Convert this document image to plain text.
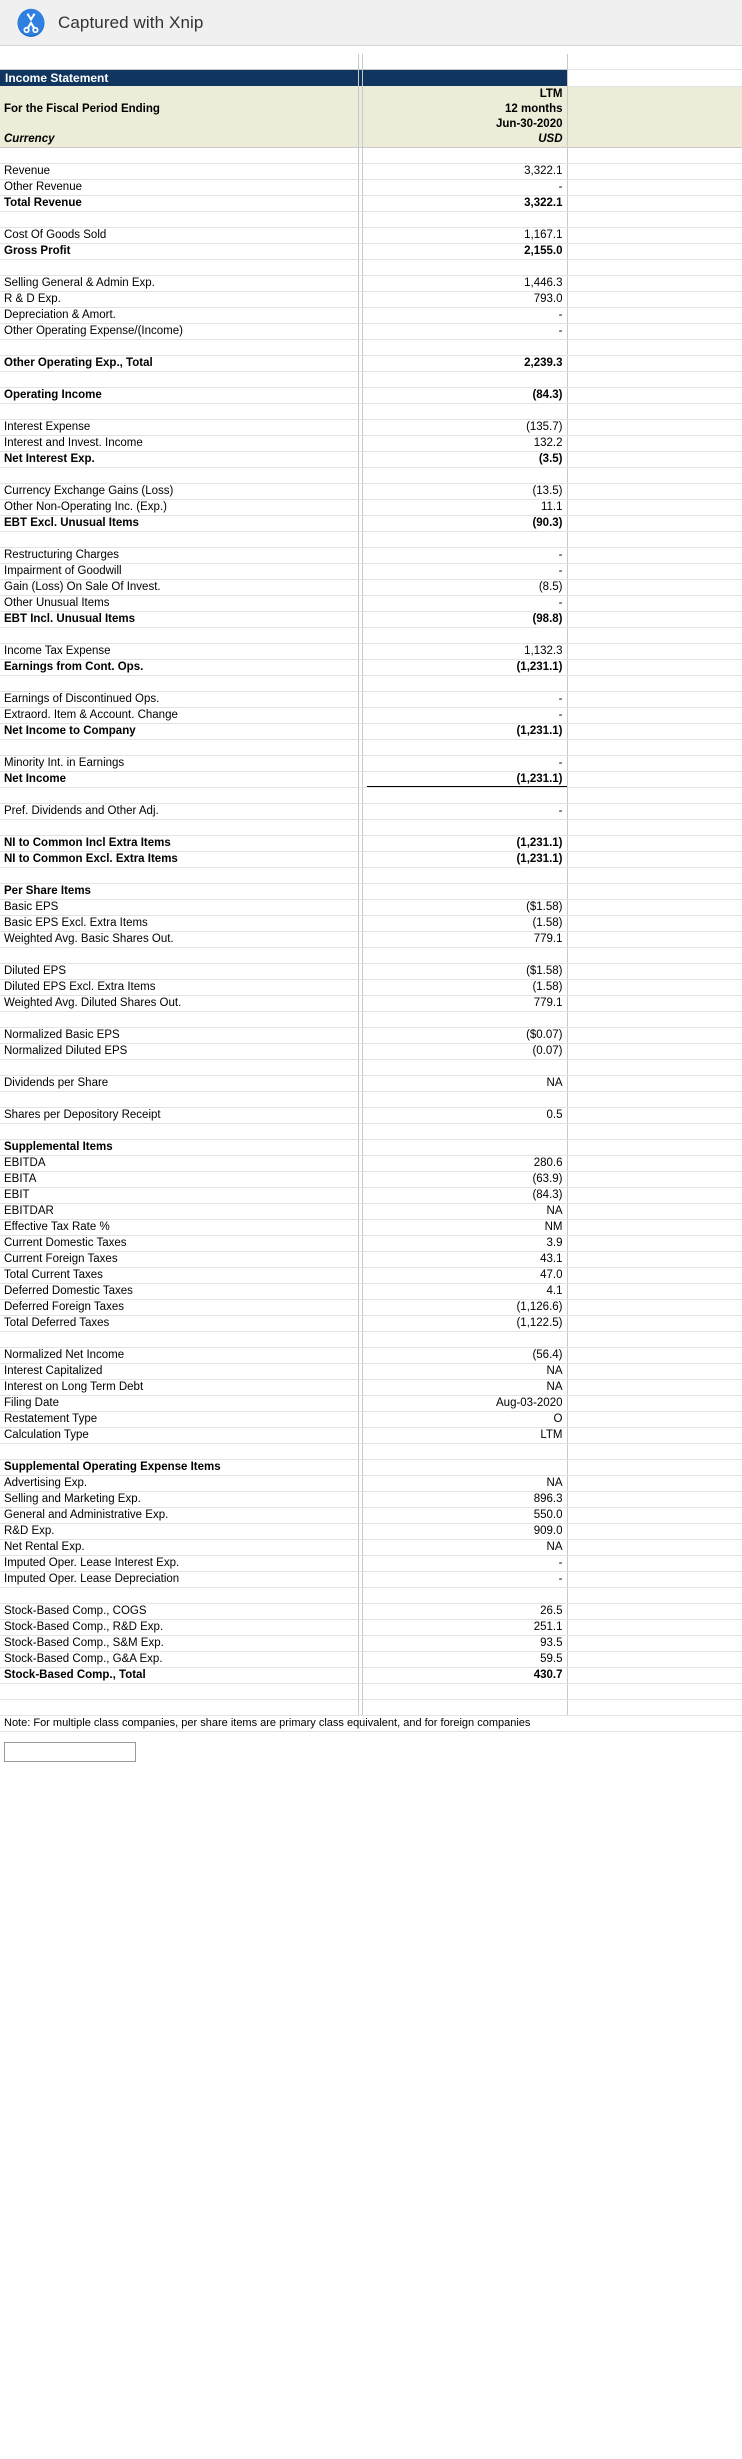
Captured with Xnip

Income Statement			
		LTM	
For the Fiscal Period Ending		12 months	
		Jun-30-2020	
Currency		USD	

Revenue		3,322.1	
Other Revenue		-	
Total Revenue		3,322.1	

Cost Of Goods Sold		1,167.1	
Gross Profit		2,155.0	

Selling General & Admin Exp.		1,446.3	
R & D Exp.		793.0	
Depreciation & Amort.		-	
Other Operating Expense/(Income)		-	

Other Operating Exp., Total		2,239.3	

Operating Income		(84.3)	

Interest Expense		(135.7)	
Interest and Invest. Income		132.2	
Net Interest Exp.		(3.5)	

Currency Exchange Gains (Loss)		(13.5)	
Other Non-Operating Inc. (Exp.)		11.1	
EBT Excl. Unusual Items		(90.3)	

Restructuring Charges		-	
Impairment of Goodwill		-	
Gain (Loss) On Sale Of Invest.		(8.5)	
Other Unusual Items		-	
EBT Incl. Unusual Items		(98.8)	

Income Tax Expense		1,132.3	
Earnings from Cont. Ops.		(1,231.1)	

Earnings of Discontinued Ops.		-	
Extraord. Item & Account. Change		-	
Net Income to Company		(1,231.1)	

Minority Int. in Earnings		-	
Net Income		(1,231.1)	

Pref. Dividends and Other Adj.		-	

NI to Common Incl Extra Items		(1,231.1)	
NI to Common Excl. Extra Items		(1,231.1)	

Per Share Items			
Basic EPS		($1.58)	
Basic EPS Excl. Extra Items		(1.58)	
Weighted Avg. Basic Shares Out.		779.1	

Diluted EPS		($1.58)	
Diluted EPS Excl. Extra Items		(1.58)	
Weighted Avg. Diluted Shares Out.		779.1	

Normalized Basic EPS		($0.07)	
Normalized Diluted EPS		(0.07)	

Dividends per Share		NA	

Shares per Depository Receipt		0.5	

Supplemental Items			
EBITDA		280.6	
EBITA		(63.9)	
EBIT		(84.3)	
EBITDAR		NA	
Effective Tax Rate %		NM	
Current Domestic Taxes		3.9	
Current Foreign Taxes		43.1	
Total Current Taxes		47.0	
Deferred Domestic Taxes		4.1	
Deferred Foreign Taxes		(1,126.6)	
Total Deferred Taxes		(1,122.5)	

Normalized Net Income		(56.4)	
Interest Capitalized		NA	
Interest on Long Term Debt		NA	
Filing Date		Aug-03-2020	
Restatement Type		O	
Calculation Type		LTM	

Supplemental Operating Expense Items			
Advertising Exp.		NA	
Selling and Marketing Exp.		896.3	
General and Administrative Exp.		550.0	
R&D Exp.		909.0	
Net Rental Exp.		NA	
Imputed Oper. Lease Interest Exp.		-	
Imputed Oper. Lease Depreciation		-	

Stock-Based Comp., COGS		26.5	
Stock-Based Comp., R&D Exp.		251.1	
Stock-Based Comp., S&M Exp.		93.5	
Stock-Based Comp., G&A Exp.		59.5	
Stock-Based Comp., Total		430.7	

Note: For multiple class companies, per share items are primary class equivalent, and for foreign companies
